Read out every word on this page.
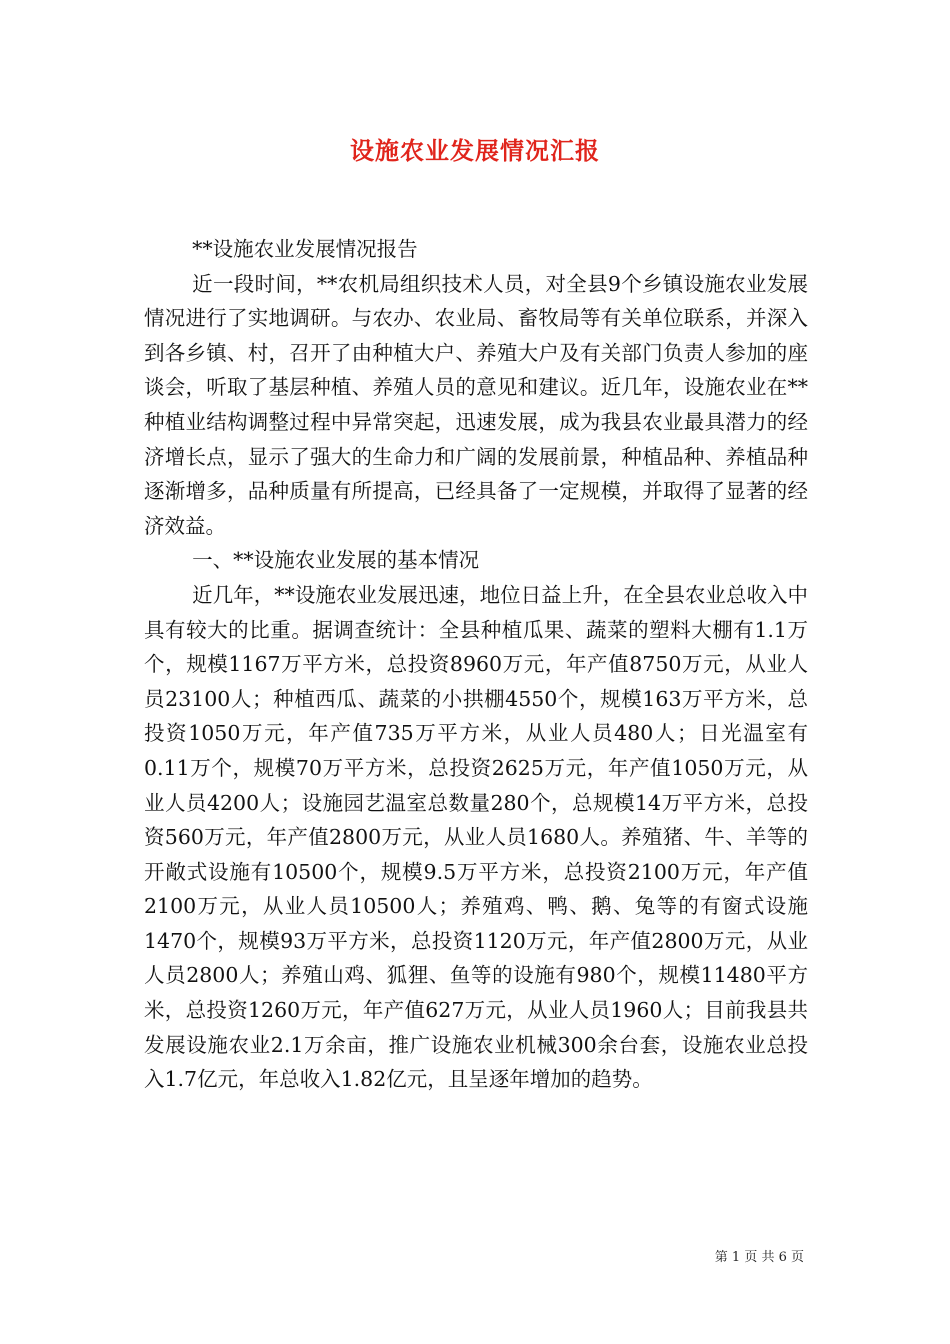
设施农业发展情况汇报

**设施农业发展情况报告

近一段时间，**农机局组织技术人员，对全县9个乡镇设施农业发展情况进行了实地调研。与农办、农业局、畜牧局等有关单位联系，并深入到各乡镇、村，召开了由种植大户、养殖大户及有关部门负责人参加的座谈会，听取了基层种植、养殖人员的意见和建议。近几年，设施农业在**种植业结构调整过程中异常突起，迅速发展，成为我县农业最具潜力的经济增长点，显示了强大的生命力和广阔的发展前景，种植品种、养植品种逐渐增多，品种质量有所提高，已经具备了一定规模，并取得了显著的经济效益。

一、**设施农业发展的基本情况

近几年，**设施农业发展迅速，地位日益上升，在全县农业总收入中具有较大的比重。据调查统计：全县种植瓜果、蔬菜的塑料大棚有1.1万个，规模1167万平方米，总投资8960万元，年产值8750万元，从业人员23100人；种植西瓜、蔬菜的小拱棚4550个，规模163万平方米，总投资1050万元，年产值735万平方米，从业人员480人；日光温室有0.11万个，规模70万平方米，总投资2625万元，年产值1050万元，从业人员4200人；设施园艺温室总数量280个，总规模14万平方米，总投资560万元，年产值2800万元，从业人员1680人。养殖猪、牛、羊等的开敞式设施有10500个，规模9.5万平方米，总投资2100万元，年产值2100万元，从业人员10500人；养殖鸡、鸭、鹅、兔等的有窗式设施1470个，规模93万平方米，总投资1120万元，年产值2800万元，从业人员2800人；养殖山鸡、狐狸、鱼等的设施有980个，规模11480平方米，总投资1260万元，年产值627万元，从业人员1960人；目前我县共发展设施农业2.1万余亩，推广设施农业机械300余台套，设施农业总投入1.7亿元，年总收入1.82亿元，且呈逐年增加的趋势。

第 1 页 共 6 页
